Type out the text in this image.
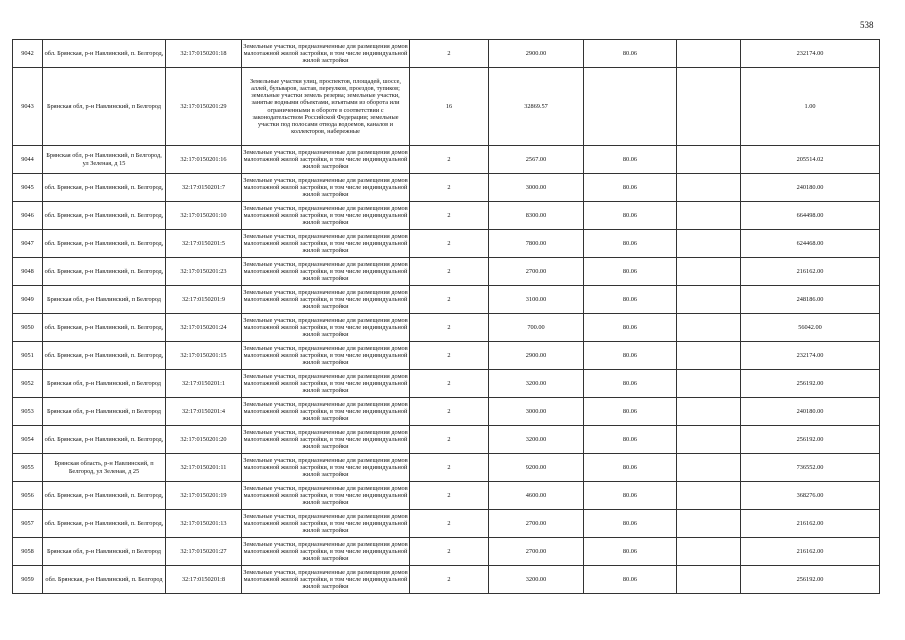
538
9042	обл. Брянская, р-н Навлинский, п. Белгород,	32:17:0150201:18	Земельные участки, предназначенные для размещения домов малоэтажной жилой застройки, в том числе индивидуальной жилой застройки	2	2900.00	80.06		232174.00
9043	Брянская обл, р-н Навлинский, п Белгород	32:17:0150201:29	Земельные участки улиц, проспектов, площадей, шоссе, аллей, бульваров, застав, переулков, проездов, тупиков; земельные участки земель резерва; земельные участки, занятые водными объектами, изъятыми из оборота или ограниченными в обороте в соответствии с законодательством Российской Федерации; земельные участки под полосами отвода водоемов, каналов и коллекторов, набережные	16	32869.57			1.00
9044	Брянская обл, р-н Навлинский, п Белгород, ул Зеленая, д 15	32:17:0150201:16	Земельные участки, предназначенные для размещения домов малоэтажной жилой застройки, в том числе индивидуальной жилой застройки	2	2567.00	80.06		205514.02
9045	обл. Брянская, р-н Навлинский, п. Белгород,	32:17:0150201:7	Земельные участки, предназначенные для размещения домов малоэтажной жилой застройки, в том числе индивидуальной жилой застройки	2	3000.00	80.06		240180.00
9046	обл. Брянская, р-н Навлинский, п. Белгород,	32:17:0150201:10	Земельные участки, предназначенные для размещения домов малоэтажной жилой застройки, в том числе индивидуальной жилой застройки	2	8300.00	80.06		664498.00
9047	обл. Брянская, р-н Навлинский, п. Белгород,	32:17:0150201:5	Земельные участки, предназначенные для размещения домов малоэтажной жилой застройки, в том числе индивидуальной жилой застройки	2	7800.00	80.06		624468.00
9048	обл. Брянская, р-н Навлинский, п. Белгород,	32:17:0150201:23	Земельные участки, предназначенные для размещения домов малоэтажной жилой застройки, в том числе индивидуальной жилой застройки	2	2700.00	80.06		216162.00
9049	Брянская обл, р-н Навлинский, п Белгород	32:17:0150201:9	Земельные участки, предназначенные для размещения домов малоэтажной жилой застройки, в том числе индивидуальной жилой застройки	2	3100.00	80.06		248186.00
9050	обл. Брянская, р-н Навлинский, п. Белгород,	32:17:0150201:24	Земельные участки, предназначенные для размещения домов малоэтажной жилой застройки, в том числе индивидуальной жилой застройки	2	700.00	80.06		56042.00
9051	обл. Брянская, р-н Навлинский, п. Белгород,	32:17:0150201:15	Земельные участки, предназначенные для размещения домов малоэтажной жилой застройки, в том числе индивидуальной жилой застройки	2	2900.00	80.06		232174.00
9052	Брянская обл, р-н Навлинский, п Белгород	32:17:0150201:1	Земельные участки, предназначенные для размещения домов малоэтажной жилой застройки, в том числе индивидуальной жилой застройки	2	3200.00	80.06		256192.00
9053	Брянская обл, р-н Навлинский, п Белгород	32:17:0150201:4	Земельные участки, предназначенные для размещения домов малоэтажной жилой застройки, в том числе индивидуальной жилой застройки	2	3000.00	80.06		240180.00
9054	обл. Брянская, р-н Навлинский, п. Белгород,	32:17:0150201:20	Земельные участки, предназначенные для размещения домов малоэтажной жилой застройки, в том числе индивидуальной жилой застройки	2	3200.00	80.06		256192.00
9055	Брянская область, р-н Навлинский, п Белгород, ул Зеленая, д 25	32:17:0150201:11	Земельные участки, предназначенные для размещения домов малоэтажной жилой застройки, в том числе индивидуальной жилой застройки	2	9200.00	80.06		736552.00
9056	обл. Брянская, р-н Навлинский, п. Белгород,	32:17:0150201:19	Земельные участки, предназначенные для размещения домов малоэтажной жилой застройки, в том числе индивидуальной жилой застройки	2	4600.00	80.06		368276.00
9057	обл. Брянская, р-н Навлинский, п. Белгород,	32:17:0150201:13	Земельные участки, предназначенные для размещения домов малоэтажной жилой застройки, в том числе индивидуальной жилой застройки	2	2700.00	80.06		216162.00
9058	Брянская обл, р-н Навлинский, п Белгород	32:17:0150201:27	Земельные участки, предназначенные для размещения домов малоэтажной жилой застройки, в том числе индивидуальной жилой застройки	2	2700.00	80.06		216162.00
9059	обл. Брянская, р-н Навлинский, п. Белгород	32:17:0150201:8	Земельные участки, предназначенные для размещения домов малоэтажной жилой застройки, в том числе индивидуальной жилой застройки	2	3200.00	80.06		256192.00
